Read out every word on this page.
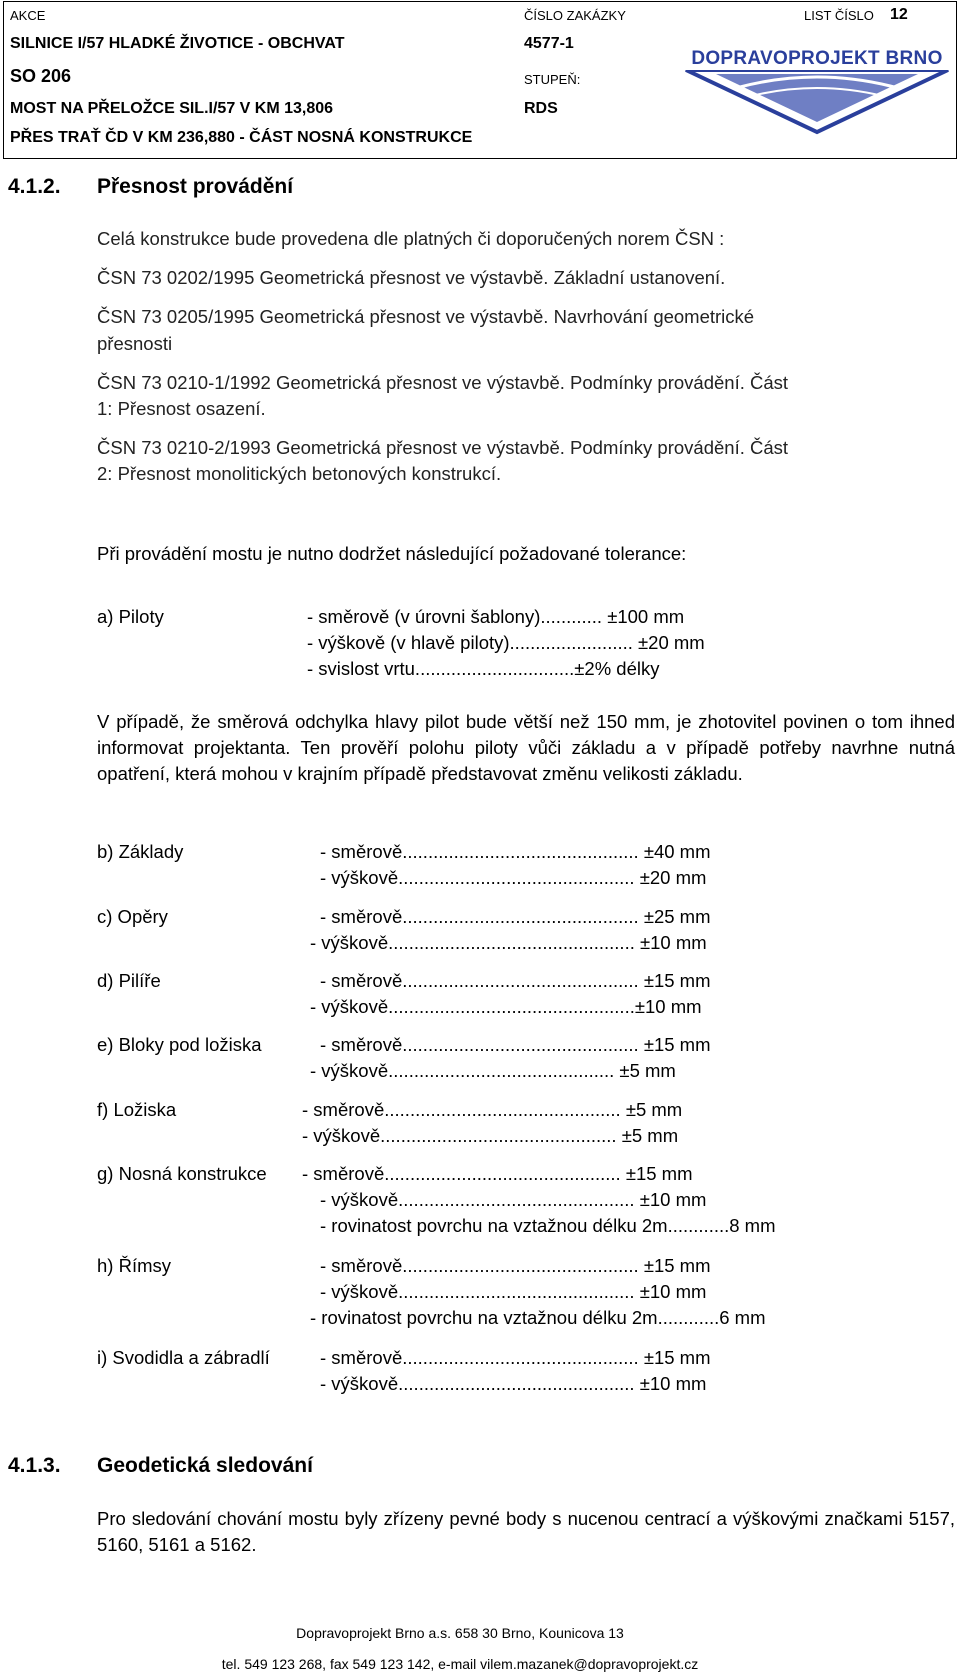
AKCE
SILNICE I/57 HLADKÉ ŽIVOTICE - OBCHVAT
SO 206
MOST NA PŘELOŽCE SIL.I/57 V KM 13,806
PŘES TRAŤ ČD V KM 236,880 - ČÁST NOSNÁ KONSTRUKCE
ČÍSLO ZAKÁZKY
4577-1
STUPEŇ:
RDS
LIST ČÍSLO 12
DOPRAVOPROJEKT BRNO
4.1.2. Přesnost provádění
Celá konstrukce bude provedena dle platných či doporučených norem ČSN :
ČSN 73 0202/1995 Geometrická přesnost ve výstavbě. Základní ustanovení.
ČSN 73 0205/1995 Geometrická přesnost ve výstavbě. Navrhování geometrické
přesnosti
ČSN 73 0210-1/1992 Geometrická přesnost ve výstavbě. Podmínky provádění. Část
1: Přesnost osazení.
ČSN 73 0210-2/1993 Geometrická přesnost ve výstavbě. Podmínky provádění. Část
2: Přesnost monolitických betonových konstrukcí.
Při provádění mostu je nutno dodržet následující požadované tolerance:
a) Piloty	- směrově (v úrovni šablony)............ ±100 mm
- výškově (v hlavě piloty)........................ ±20 mm
- svislost vrtu...............................±2% délky
V případě, že směrová odchylka hlavy pilot bude větší než 150 mm, je zhotovitel povinen o tom ihned informovat projektanta. Ten prověří polohu piloty vůči základu a v případě potřeby navrhne nutná opatření, která mohou v krajním případě představovat změnu velikosti základu.
b) Základy	- směrově.............................................. ±40 mm
- výškově.............................................. ±20 mm
c) Opěry	- směrově.............................................. ±25 mm
- výškově................................................ ±10 mm
d) Pilíře	- směrově.............................................. ±15 mm
- výškově................................................±10 mm
e) Bloky pod ložiska	- směrově.............................................. ±15 mm
- výškově............................................ ±5 mm
f) Ložiska	- směrově.............................................. ±5 mm
- výškově.............................................. ±5 mm
g) Nosná konstrukce - směrově.............................................. ±15 mm
- výškově.............................................. ±10 mm
- rovinatost povrchu na vztažnou délku 2m............8 mm
h) Římsy	- směrově.............................................. ±15 mm
- výškově.............................................. ±10 mm
- rovinatost povrchu na vztažnou délku 2m............6 mm
i) Svodidla a zábradlí	- směrově.............................................. ±15 mm
- výškově.............................................. ±10 mm
4.1.3. Geodetická sledování
Pro sledování chování mostu byly zřízeny pevné body s nucenou centrací a výškovými značkami 5157, 5160, 5161 a 5162.
Dopravoprojekt Brno a.s. 658 30 Brno, Kounicova 13
tel. 549 123 268, fax 549 123 142, e-mail vilem.mazanek@dopravoprojekt.cz
